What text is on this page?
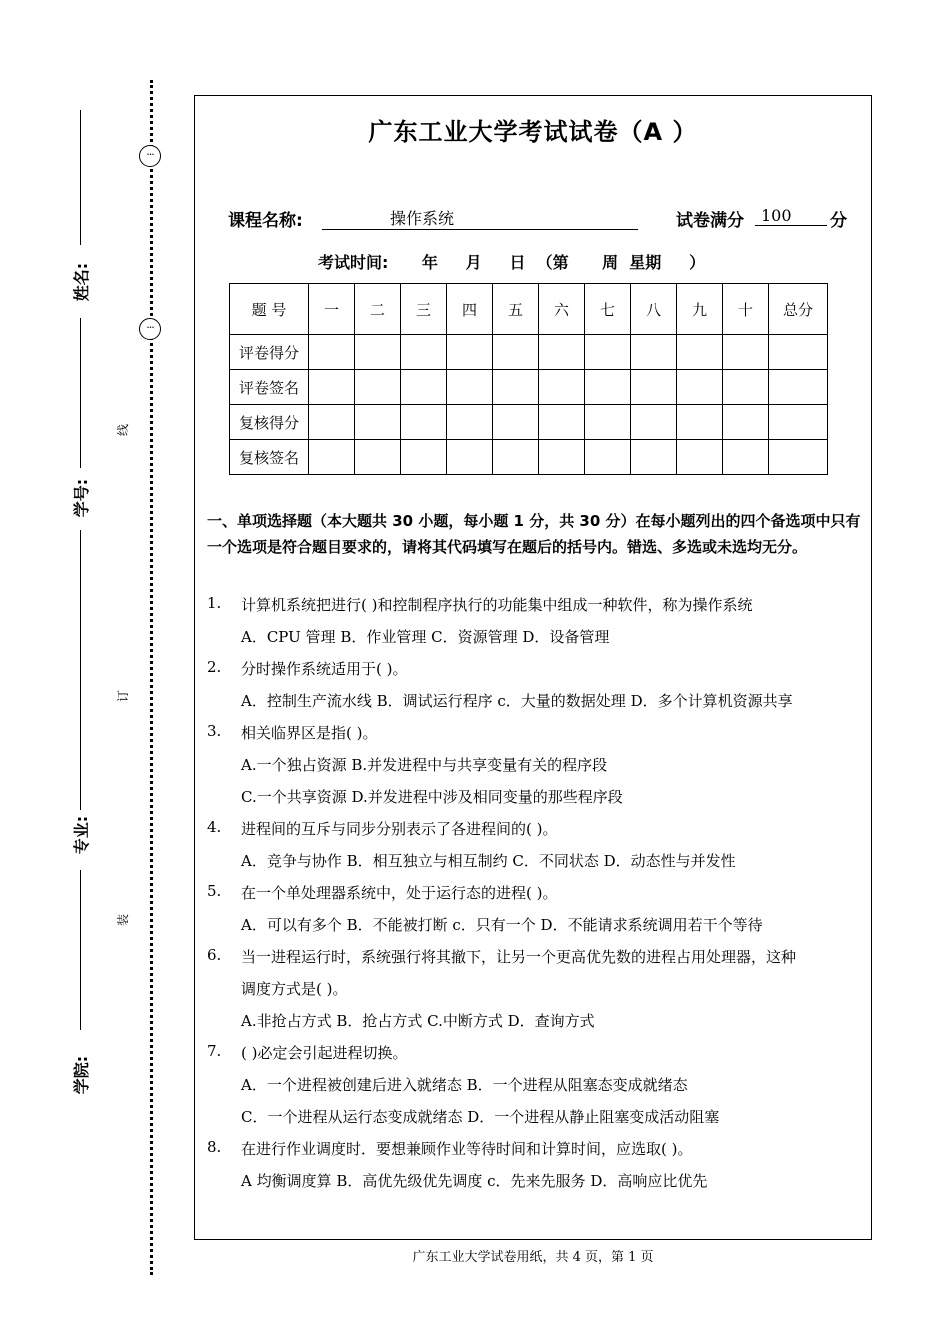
姓名:
学号:
专业:
学院:
线
订
装
···
···
广东工业大学考试试卷（A ）
课程名称:	操作系统	试卷满分	100	分
考试时间:      年     月     日  （第      周  星期     ）
题 号	一	二	三	四	五	六	七	八	九	十	总分
评卷得分											
评卷签名											
复核得分											
复核签名											
一、单项选择题（本大题共 30 小题，每小题 1 分，共 30 分）在每小题列出的四个备选项中只有一个选项是符合题目要求的，请将其代码填写在题后的括号内。错选、多选或未选均无分。
1. 计算机系统把进行( )和控制程序执行的功能集中组成一种软件，称为操作系统
A．CPU 管理 B．作业管理 C．资源管理 D．设备管理
2. 分时操作系统适用于( )。
A．控制生产流水线 B．调试运行程序 c．大量的数据处理 D．多个计算机资源共享
3. 相关临界区是指( )。
A.一个独占资源 B.并发进程中与共享变量有关的程序段
C.一个共享资源 D.并发进程中涉及相同变量的那些程序段
4. 进程间的互斥与同步分别表示了各进程间的( )。
A．竞争与协作 B．相互独立与相互制约 C．不同状态 D．动态性与并发性
5. 在一个单处理器系统中，处于运行态的进程( )。
A．可以有多个 B．不能被打断 c．只有一个 D．不能请求系统调用若干个等待
6. 当一进程运行时，系统强行将其撤下，让另一个更高优先数的进程占用处理器，这种
调度方式是( )。
A.非抢占方式 B．抢占方式 C.中断方式 D．查询方式
7. ( )必定会引起进程切换。
A．一个进程被创建后进入就绪态 B．一个进程从阻塞态变成就绪态
C．一个进程从运行态变成就绪态 D．一个进程从静止阻塞变成活动阻塞
8. 在进行作业调度时．要想兼顾作业等待时间和计算时间，应选取( )。
A 均衡调度算 B．高优先级优先调度 c．先来先服务 D．高响应比优先
广东工业大学试卷用纸，共 4 页，第 1 页
